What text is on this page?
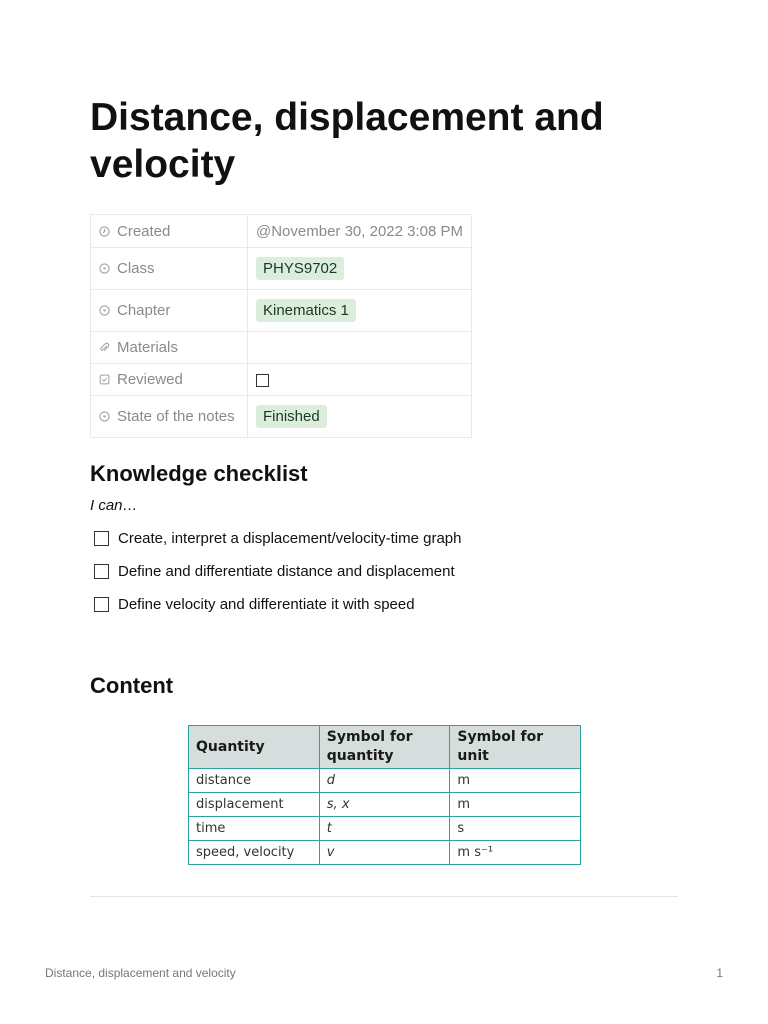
Distance, displacement and velocity
Created	@November 30, 2022 3:08 PM

Class	PHYS9702

Chapter	Kinematics 1

Materials	

Reviewed	

State of the notes	Finished
Knowledge checklist
I can…
Create, interpret a displacement/velocity-time graph
Define and differentiate distance and displacement
Define velocity and differentiate it with speed
Content
Quantity	Symbol for quantity	Symbol for unit
distance	d	m
displacement	s, x	m
time	t	s
speed, velocity	v	m s⁻¹
Distance, displacement and velocity	1
